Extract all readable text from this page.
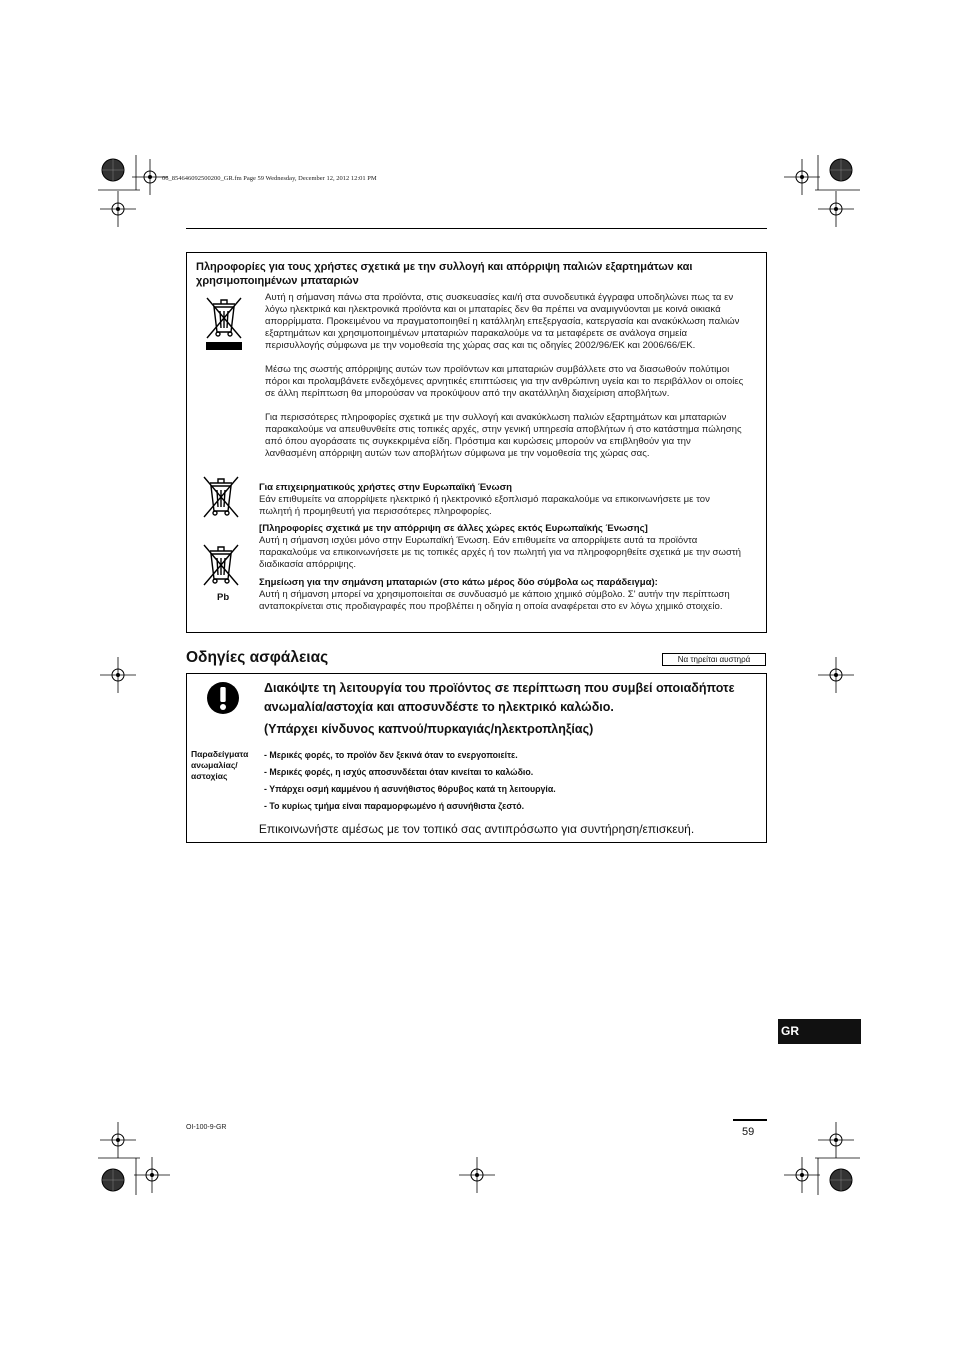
06_854646092500200_GR.fm Page 59 Wednesday, December 12, 2012 12:01 PM
Πληροφορίες για τους χρήστες σχετικά με την συλλογή και απόρριψη παλιών εξαρτημάτων και χρησιμοποιημένων μπαταριών
Αυτή η σήμανση πάνω στα προϊόντα, στις συσκευασίες και/ή στα συνοδευτικά έγγραφα υποδηλώνει πως τα εν λόγω ηλεκτρικά και ηλεκτρονικά προϊόντα και οι μπαταρίες δεν θα πρέπει να αναμιγνύονται με κοινά οικιακά απορρίμματα. Προκειμένου να πραγματοποιηθεί η κατάλληλη επεξεργασία, κατεργασία και ανακύκλωση παλιών εξαρτημάτων και χρησιμοποιημένων μπαταριών παρακαλούμε να τα μεταφέρετε σε ανάλογα σημεία περισυλλογής σύμφωνα με την νομοθεσία της χώρας σας και τις οδηγίες 2002/96/ΕΚ και 2006/66/ΕΚ.
Μέσω της σωστής απόρριψης αυτών των προϊόντων και μπαταριών συμβάλλετε στο να διασωθούν πολύτιμοι πόροι και προλαμβάνετε ενδεχόμενες αρνητικές επιπτώσεις για την ανθρώπινη υγεία και το περιβάλλον οι οποίες σε άλλη περίπτωση θα μπορούσαν να προκύψουν από την ακατάλληλη διαχείριση αποβλήτων.
Για περισσότερες πληροφορίες σχετικά με την συλλογή και ανακύκλωση παλιών εξαρτημάτων και μπαταριών παρακαλούμε να απευθυνθείτε στις τοπικές αρχές, στην γενική υπηρεσία αποβλήτων ή στο κατάστημα πώλησης από όπου αγοράσατε τις συγκεκριμένα είδη. Πρόστιμα και κυρώσεις μπορούν να επιβληθούν για την λανθασμένη απόρριψη αυτών των αποβλήτων σύμφωνα με την νομοθεσία της χώρας σας.
Για επιχειρηματικούς χρήστες στην Ευρωπαϊκή Ένωση
Εάν επιθυμείτε να απορρίψετε ηλεκτρικό ή ηλεκτρονικό εξοπλισμό παρακαλούμε να επικοινωνήσετε με τον πωλητή ή προμηθευτή για περισσότερες πληροφορίες.
[Πληροφορίες σχετικά με την απόρριψη σε άλλες χώρες εκτός Ευρωπαϊκής Ένωσης]
Αυτή η σήμανση ισχύει μόνο στην Ευρωπαϊκή Ένωση. Εάν επιθυμείτε να απορρίψετε αυτά τα προϊόντα παρακαλούμε να επικοινωνήσετε με τις τοπικές αρχές ή τον πωλητή για να πληροφορηθείτε σχετικά με την σωστή διαδικασία απόρριψης.
Pb
Σημείωση για την σημάνση μπαταριών (στο κάτω μέρος δύο σύμβολα ως παράδειγμα):
Αυτή η σήμανση μπορεί να χρησιμοποιείται σε συνδυασμό με κάποιο χημικό σύμβολο. Σ' αυτήν την περίπτωση ανταποκρίνεται στις προδιαγραφές που προβλέπει η οδηγία η οποία αναφέρεται στο εν λόγω χημικό στοιχείο.
Οδηγίες ασφάλειας	Να τηρείται αυστηρά
Διακόψτε τη λειτουργία του προϊόντος σε περίπτωση που συμβεί οποιαδήποτε ανωμαλία/αστοχία και αποσυνδέστε το ηλεκτρικό καλώδιο.
(Υπάρχει κίνδυνος καπνού/πυρκαγιάς/ηλεκτροπληξίας)
Παραδείγματα ανωμαλίας/ αστοχίας
- Μερικές φορές, το προϊόν δεν ξεκινά όταν το ενεργοποιείτε.
- Μερικές φορές, η ισχύς αποσυνδέεται όταν κινείται το καλώδιο.
- Υπάρχει οσμή καμμένου ή ασυνήθιστος θόρυβος κατά τη λειτουργία.
- Το κυρίως τμήμα είναι παραμορφωμένο ή ασυνήθιστα ζεστό.
Επικοινωνήστε αμέσως με τον τοπικό σας αντιπρόσωπο για συντήρηση/επισκευή.
GR
OI-100-9-GR	59
